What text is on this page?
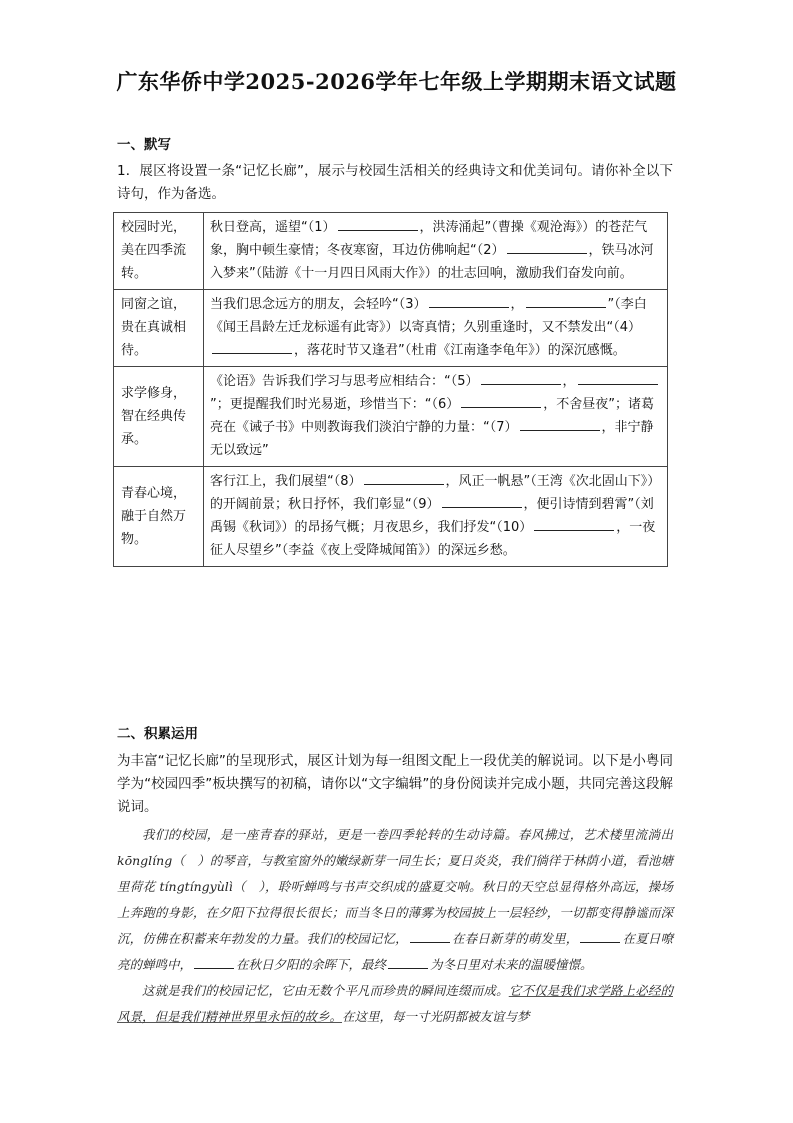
广东华侨中学2025-2026学年七年级上学期期末语文试题
一、默写
1．展区将设置一条“记忆长廊”，展示与校园生活相关的经典诗文和优美词句。请你补全以下诗句，作为备选。
校园时光，美在四季流转。	秋日登高，遥望“（1） ，洪涛涌起”（曹操《观沧海》）的苍茫气象，胸中顿生豪情；冬夜寒窗，耳边仿佛响起“（2） ，铁马冰河入梦来”（陆游《十一月四日风雨大作》）的壮志回响，激励我们奋发向前。
同窗之谊，贵在真诚相待。	当我们思念远方的朋友，会轻吟“（3） ， ”（李白《闻王昌龄左迁龙标遥有此寄》）以寄真情；久别重逢时，又不禁发出“（4），落花时节又逢君”（杜甫《江南逢李龟年》）的深沉感慨。
求学修身，智在经典传承。	《论语》告诉我们学习与思考应相结合：“（5） ，”；更提醒我们时光易逝，珍惜当下：“（6） ，不舍昼夜”；诸葛亮在《诫子书》中则教诲我们淡泊宁静的力量：“（7） ，非宁静无以致远”
青春心境，融于自然万物。	客行江上，我们展望“（8） ，风正一帆悬”（王湾《次北固山下》）的开阔前景；秋日抒怀，我们彰显“（9） ，便引诗情到碧霄”（刘禹锡《秋词》）的昂扬气概；月夜思乡，我们抒发“（10） ，一夜征人尽望乡”（李益《夜上受降城闻笛》）的深远乡愁。
二、积累运用
为丰富“记忆长廊”的呈现形式，展区计划为每一组图文配上一段优美的解说词。以下是小粤同学为“校园四季”板块撰写的初稿，请你以“文字编辑”的身份阅读并完成小题，共同完善这段解说词。
我们的校园，是一座青春的驿站，更是一卷四季轮转的生动诗篇。春风拂过，艺术楼里流淌出 kōnglíng（　）的琴音，与教室窗外的嫩绿新芽一同生长；夏日炎炎，我们徜徉于林荫小道，看池塘里荷花 tíngtíngyùlì（　），聆听蝉鸣与书声交织成的盛夏交响。秋日的天空总显得格外高远，操场上奔跑的身影，在夕阳下拉得很长很长；而当冬日的薄雾为校园披上一层轻纱，一切都变得静谧而深沉，仿佛在积蓄来年勃发的力量。我们的校园记忆，	在春日新芽的萌发里，	在夏日嘹亮的蝉鸣中，	在秋日夕阳的余晖下，最终	为冬日里对未来的温暖憧憬。
这就是我们的校园记忆，它由无数个平凡而珍贵的瞬间连缀而成。它不仅是我们求学路上必经的风景，但是我们精神世界里永恒的故乡。在这里，每一寸光阴都被友谊与梦
